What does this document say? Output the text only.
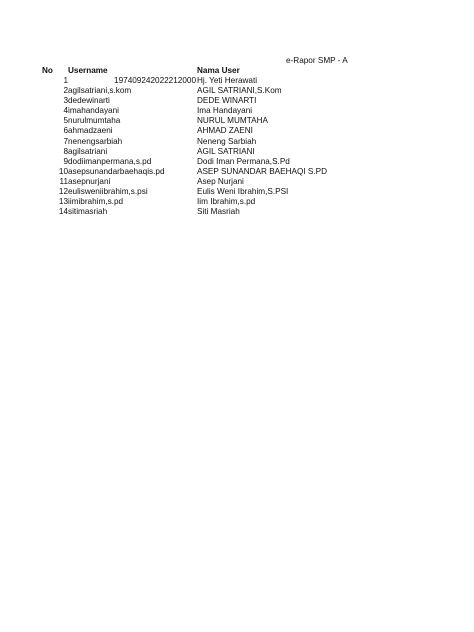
e-Rapor SMP - A
No Username	Nama User
1	197409242022212000 Hj. Yeti Herawati
2 agilsatriani,s.kom	AGIL SATRIANI,S.Kom
3 dedewinarti	DEDE WINARTI
4 imahandayani	Ima Handayani
5 nurulmumtaha	NURUL MUMTAHA
6 ahmadzaeni	AHMAD ZAENI
7 nenengsarbiah	Neneng Sarbiah
8 agilsatriani	AGIL SATRIANI
9 dodiimanpermana,s.pd	Dodi Iman Permana,S.Pd
10 asepsunandarbaehaqis.pd	ASEP SUNANDAR BAEHAQI S.PD
11 asepnurjani	Asep Nurjani
12 eulisweniibrahim,s.psi	Eulis Weni Ibrahim,S.PSI
13 iimibrahim,s.pd	Iim Ibrahim,s.pd
14 sitimasriah	Siti Masriah
